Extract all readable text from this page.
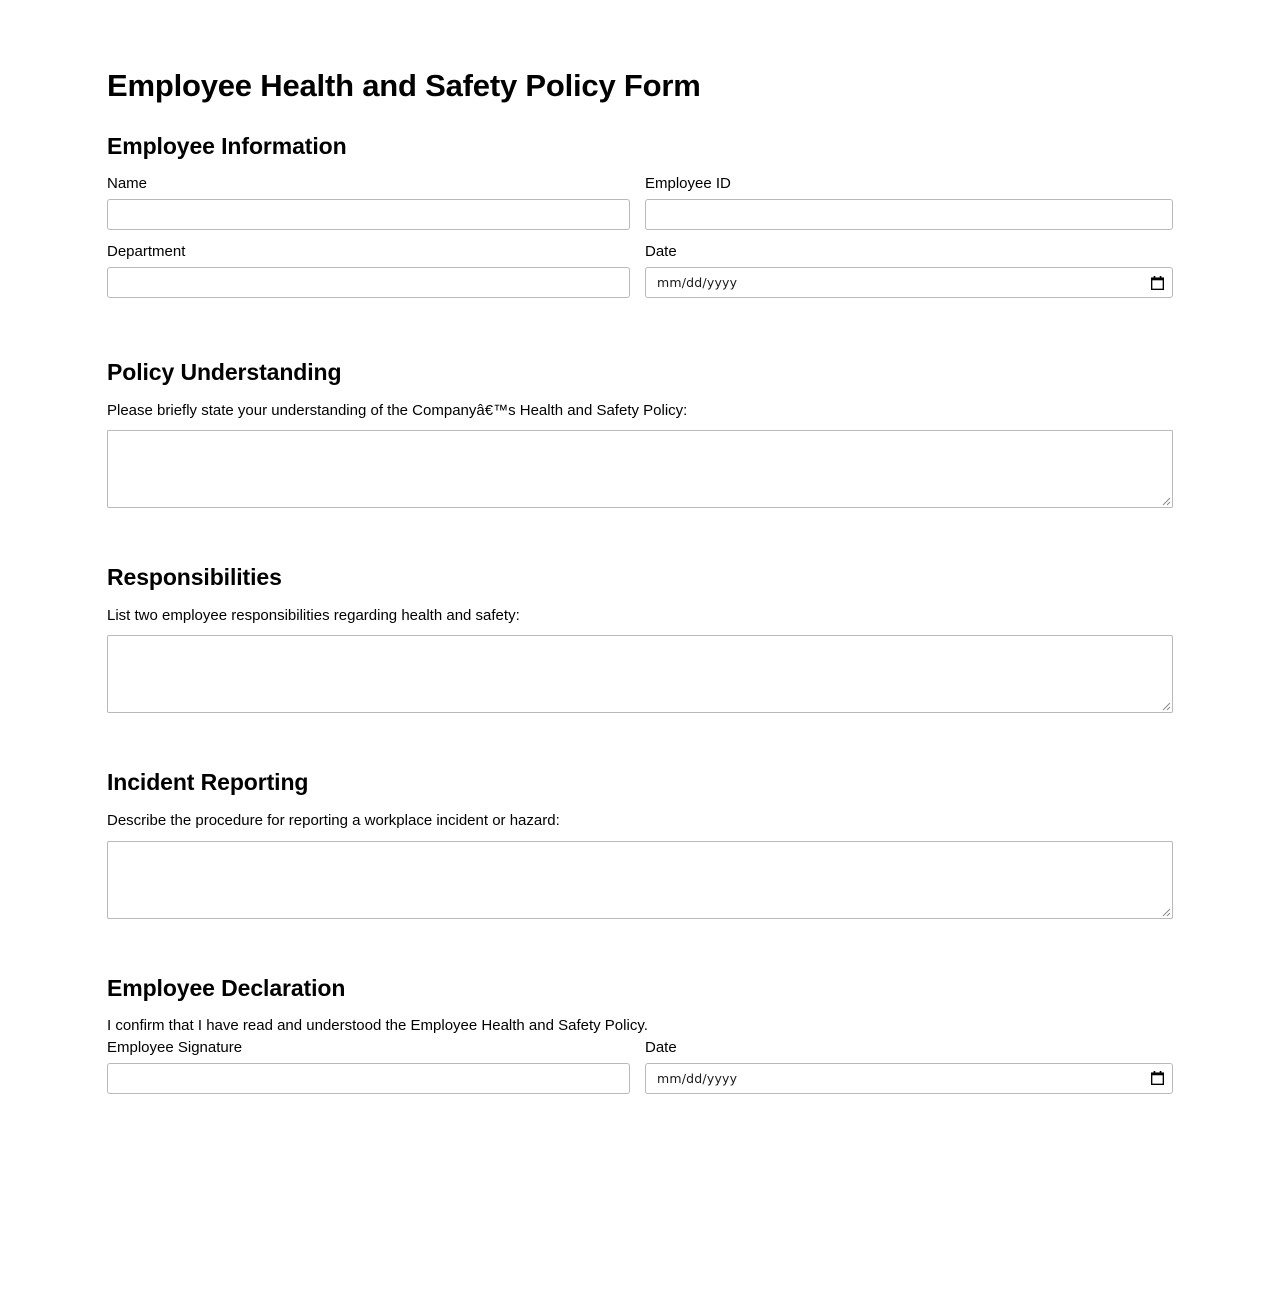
Employee Health and Safety Policy Form
Employee Information
Name	Employee ID
Department	Date
mm/dd/yyyy
Policy Understanding

Please briefly state your understanding of the Companyâ€™s Health and Safety Policy:

Responsibilities

List two employee responsibilities regarding health and safety:

Incident Reporting

Describe the procedure for reporting a workplace incident or hazard:

Employee Declaration

I confirm that I have read and understood the Employee Health and Safety Policy.

Employee Signature	Date
mm/dd/yyyy
